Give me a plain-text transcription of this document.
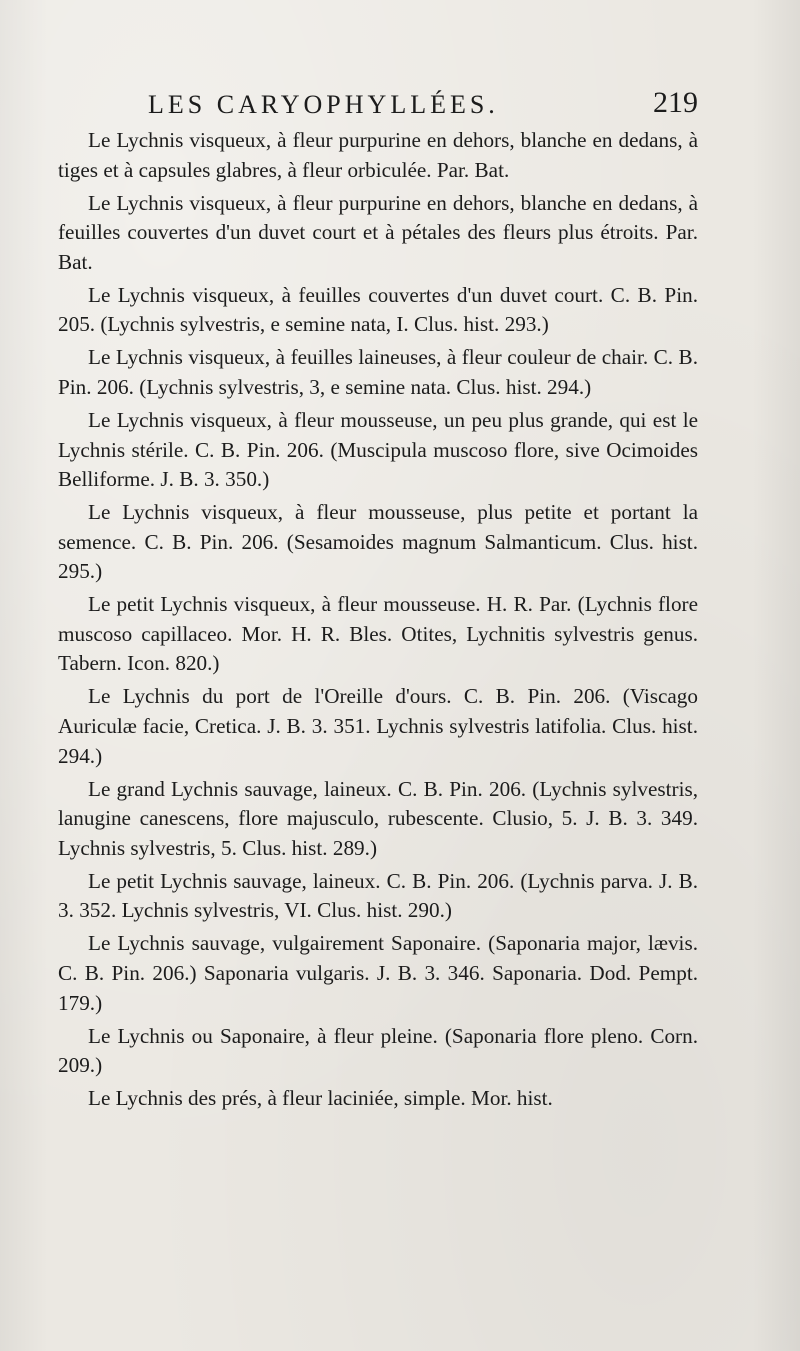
LES CARYOPHYLLÉES.	219

Le Lychnis visqueux, à fleur purpurine en dehors, blanche en dedans, à tiges et à capsules glabres, à fleur orbiculée. Par. Bat.

Le Lychnis visqueux, à fleur purpurine en dehors, blanche en dedans, à feuilles couvertes d'un duvet court et à pétales des fleurs plus étroits. Par. Bat.

Le Lychnis visqueux, à feuilles couvertes d'un duvet court. C. B. Pin. 205. (Lychnis sylvestris, e semine nata, I. Clus. hist. 293.)

Le Lychnis visqueux, à feuilles laineuses, à fleur couleur de chair. C. B. Pin. 206. (Lychnis sylvestris, 3, e semine nata. Clus. hist. 294.)

Le Lychnis visqueux, à fleur mousseuse, un peu plus grande, qui est le Lychnis stérile. C. B. Pin. 206. (Muscipula muscoso flore, sive Ocimoides Belliforme. J. B. 3. 350.)

Le Lychnis visqueux, à fleur mousseuse, plus petite et portant la semence. C. B. Pin. 206. (Sesamoides magnum Salmanticum. Clus. hist. 295.)

Le petit Lychnis visqueux, à fleur mousseuse. H. R. Par. (Lychnis flore muscoso capillaceo. Mor. H. R. Bles. Otites, Lychnitis sylvestris genus. Tabern. Icon. 820.)

Le Lychnis du port de l'Oreille d'ours. C. B. Pin. 206. (Viscago Auriculæ facie, Cretica. J. B. 3. 351. Lychnis sylvestris latifolia. Clus. hist. 294.)

Le grand Lychnis sauvage, laineux. C. B. Pin. 206. (Lychnis sylvestris, lanugine canescens, flore majusculo, rubescente. Clusio, 5. J. B. 3. 349. Lychnis sylvestris, 5. Clus. hist. 289.)

Le petit Lychnis sauvage, laineux. C. B. Pin. 206. (Lychnis parva. J. B. 3. 352. Lychnis sylvestris, VI. Clus. hist. 290.)

Le Lychnis sauvage, vulgairement Saponaire. (Saponaria major, lævis. C. B. Pin. 206.) Saponaria vulgaris. J. B. 3. 346. Saponaria. Dod. Pempt. 179.)

Le Lychnis ou Saponaire, à fleur pleine. (Saponaria flore pleno. Corn. 209.)

Le Lychnis des prés, à fleur laciniée, simple. Mor. hist.
